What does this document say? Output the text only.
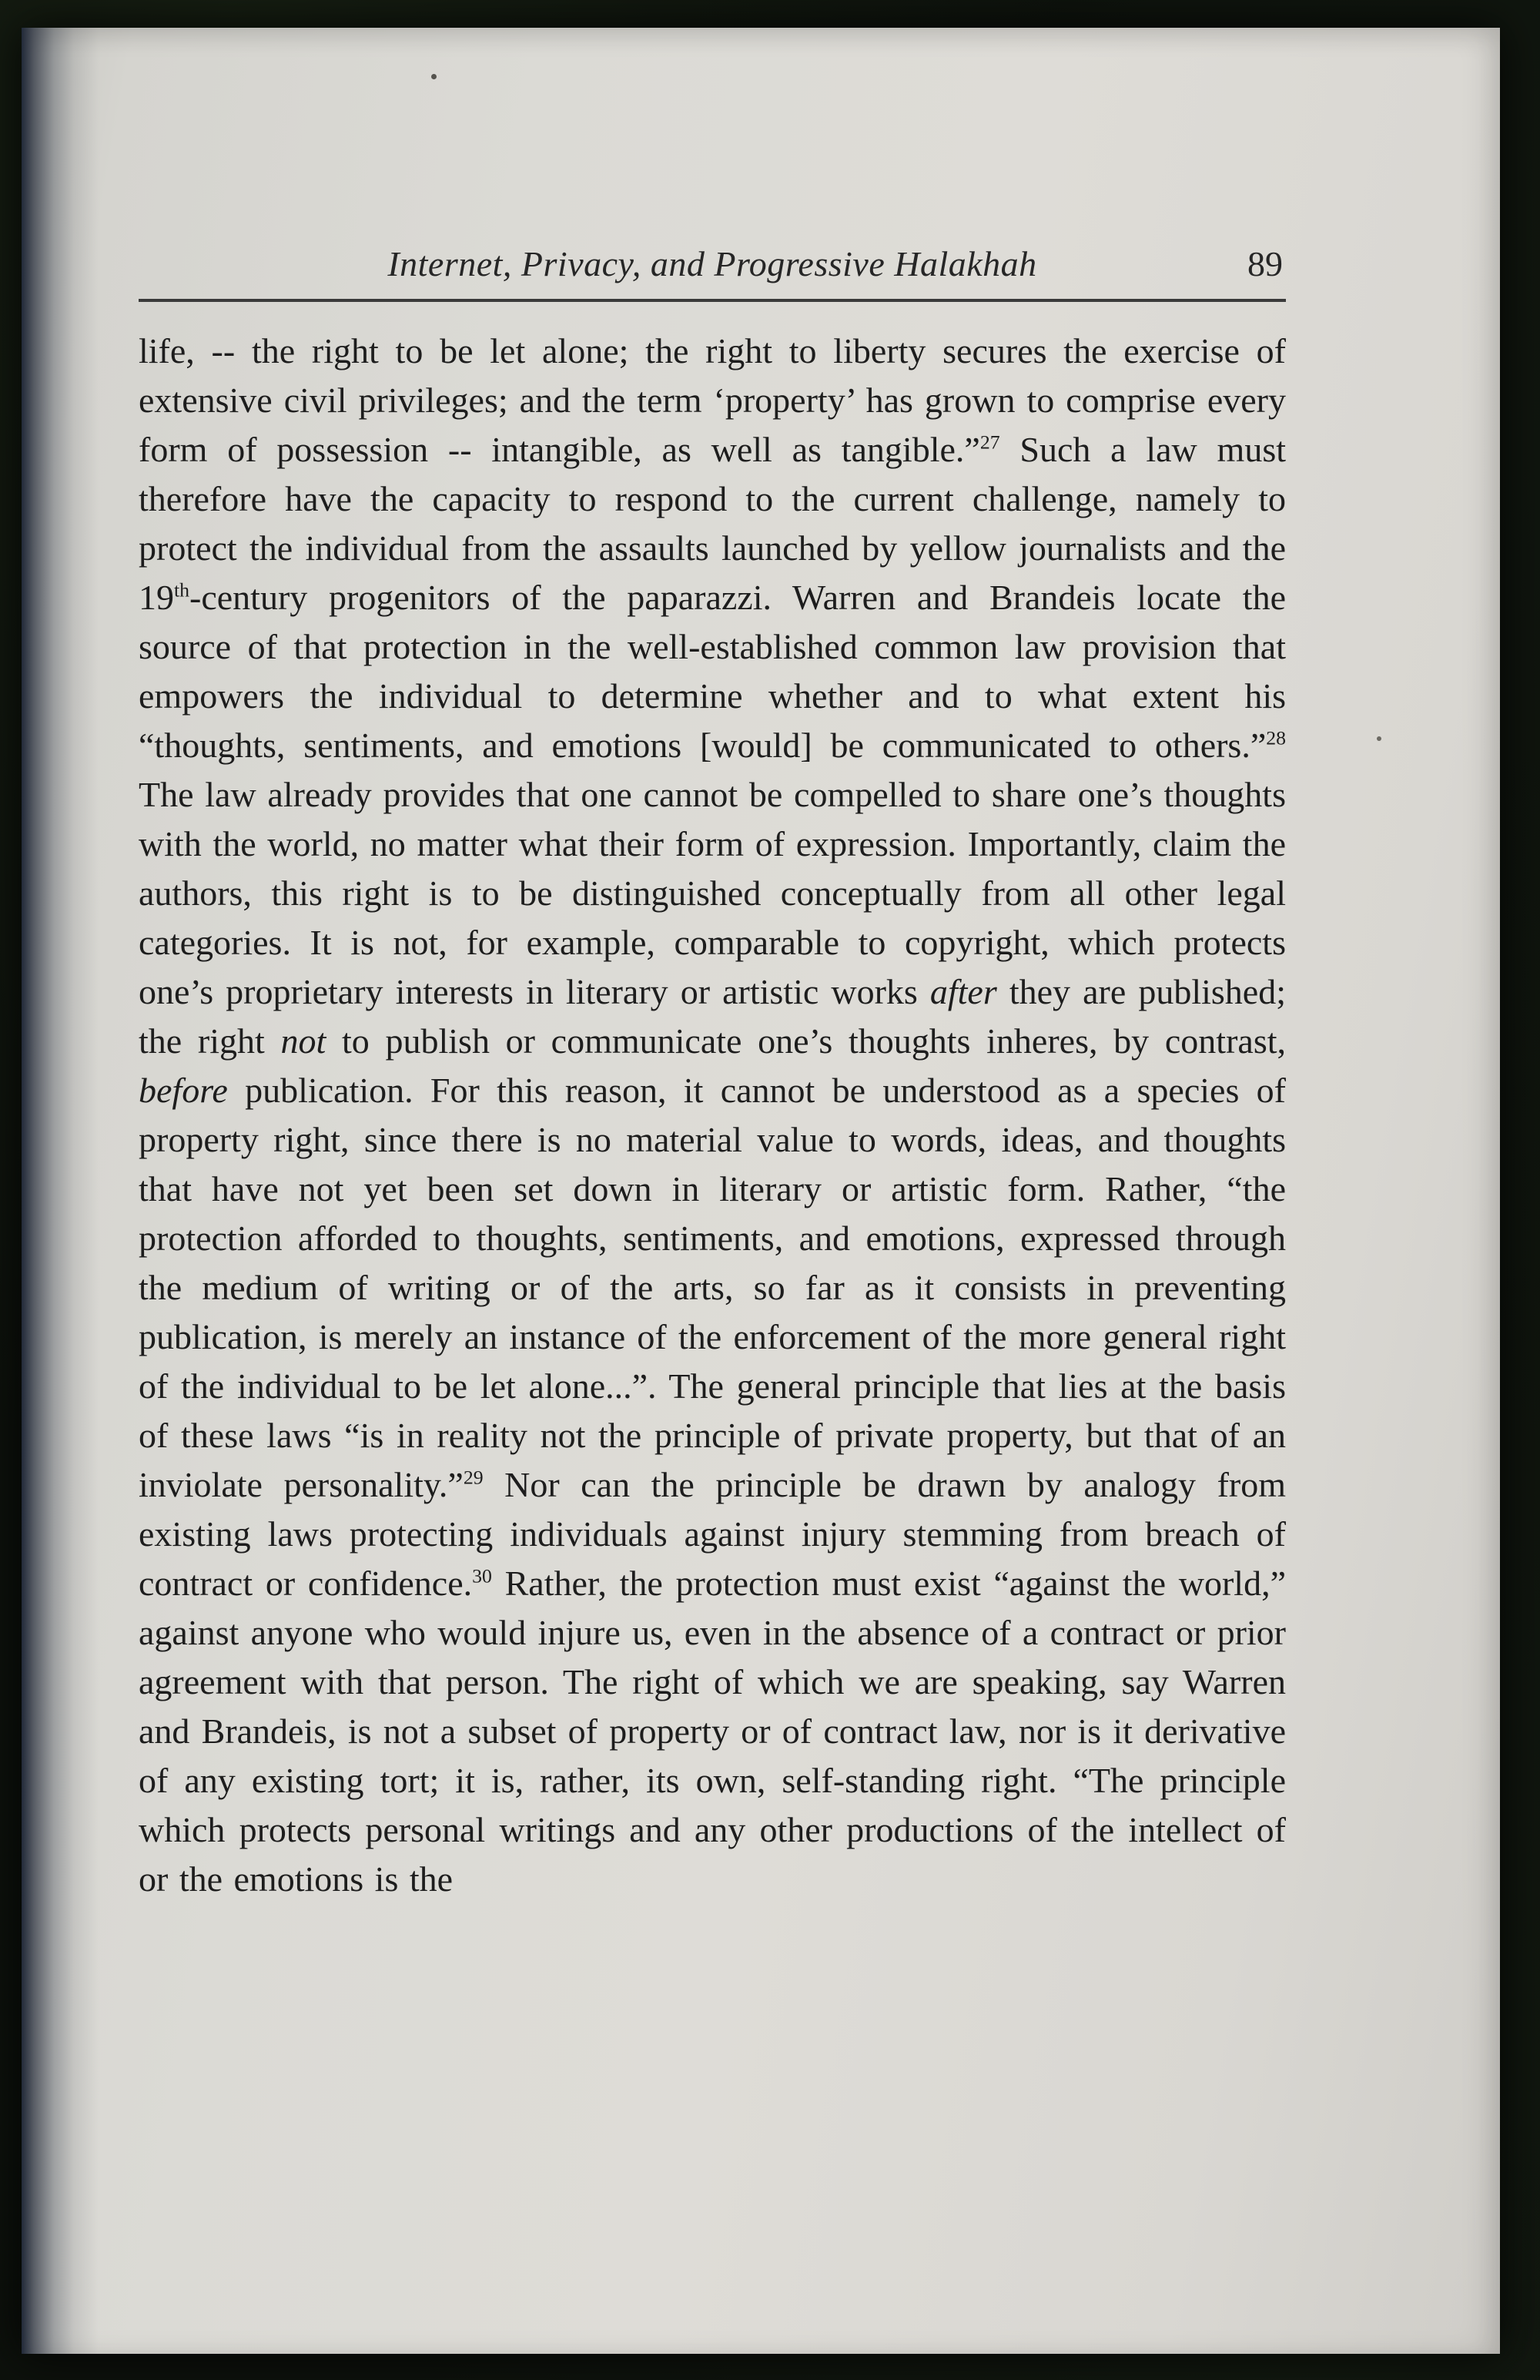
Internet, Privacy, and Progressive Halakhah	89

life, -- the right to be let alone; the right to liberty secures the exercise of extensive civil privileges; and the term ‘property’ has grown to comprise every form of possession -- intangible, as well as tangible.”$^{27}$ Such a law must therefore have the capacity to respond to the current challenge, namely to protect the individual from the assaults launched by yellow journalists and the 19th-century progenitors of the paparazzi. Warren and Brandeis locate the source of that protection in the well-established common law provision that empowers the individual to determine whether and to what extent his “thoughts, sentiments, and emotions [would] be communicated to others.”$^{28}$ The law already provides that one cannot be compelled to share one’s thoughts with the world, no matter what their form of expression. Importantly, claim the authors, this right is to be distinguished conceptually from all other legal categories. It is not, for example, comparable to copyright, which protects one’s proprietary interests in literary or artistic works after they are published; the right not to publish or communicate one’s thoughts inheres, by contrast, before publication. For this reason, it cannot be understood as a species of property right, since there is no material value to words, ideas, and thoughts that have not yet been set down in literary or artistic form. Rather, “the protection afforded to thoughts, sentiments, and emotions, expressed through the medium of writing or of the arts, so far as it consists in preventing publication, is merely an instance of the enforcement of the more general right of the individual to be let alone...”. The general principle that lies at the basis of these laws “is in reality not the principle of private property, but that of an inviolate personality.”$^{29}$ Nor can the principle be drawn by analogy from existing laws protecting individuals against injury stemming from breach of contract or confidence.$^{30}$ Rather, the protection must exist “against the world,” against anyone who would injure us, even in the absence of a contract or prior agreement with that person. The right of which we are speaking, say Warren and Brandeis, is not a subset of property or of contract law, nor is it derivative of any existing tort; it is, rather, its own, self-standing right. “The principle which protects personal writings and any other productions of the intellect of or the emotions is the
